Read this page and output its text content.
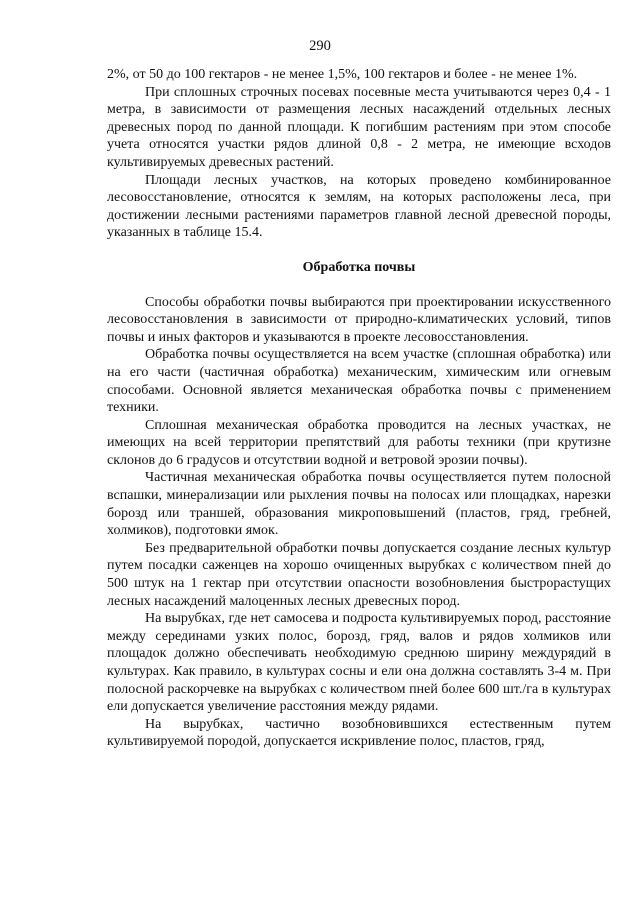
290

2%, от 50 до 100 гектаров - не менее 1,5%, 100 гектаров и более - не менее 1%.

При сплошных строчных посевах посевные места учитываются через 0,4 - 1 метра, в зависимости от размещения лесных насаждений отдельных лесных древесных пород по данной площади. К погибшим растениям при этом способе учета относятся участки рядов длиной 0,8 - 2 метра, не имеющие всходов культивируемых древесных растений.

Площади лесных участков, на которых проведено комбинированное лесовосстановление, относятся к землям, на которых расположены леса, при достижении лесными растениями параметров главной лесной древесной породы, указанных в таблице 15.4.

Обработка почвы

Способы обработки почвы выбираются при проектировании искусственного лесовосстановления в зависимости от природно-климатических условий, типов почвы и иных факторов и указываются в проекте лесовосстановления.

Обработка почвы осуществляется на всем участке (сплошная обработка) или на его части (частичная обработка) механическим, химическим или огневым способами. Основной является механическая обработка почвы с применением техники.

Сплошная механическая обработка проводится на лесных участках, не имеющих на всей территории препятствий для работы техники (при крутизне склонов до 6 градусов и отсутствии водной и ветровой эрозии почвы).

Частичная механическая обработка почвы осуществляется путем полосной вспашки, минерализации или рыхления почвы на полосах или площадках, нарезки борозд или траншей, образования микроповышений (пластов, гряд, гребней, холмиков), подготовки ямок.

Без предварительной обработки почвы допускается создание лесных культур путем посадки саженцев на хорошо очищенных вырубках с количеством пней до 500 штук на 1 гектар при отсутствии опасности возобновления быстрорастущих лесных насаждений малоценных лесных древесных пород.

На вырубках, где нет самосева и подроста культивируемых пород, расстояние между серединами узких полос, борозд, гряд, валов и рядов холмиков или площадок должно обеспечивать необходимую среднюю ширину междурядий в культурах. Как правило, в культурах сосны и ели она должна составлять 3-4 м. При полосной раскорчевке на вырубках с количеством пней более 600 шт./га в культурах ели допускается увеличение расстояния между рядами.

На вырубках, частично возобновившихся естественным путем культивируемой породой, допускается искривление полос, пластов, гряд,
